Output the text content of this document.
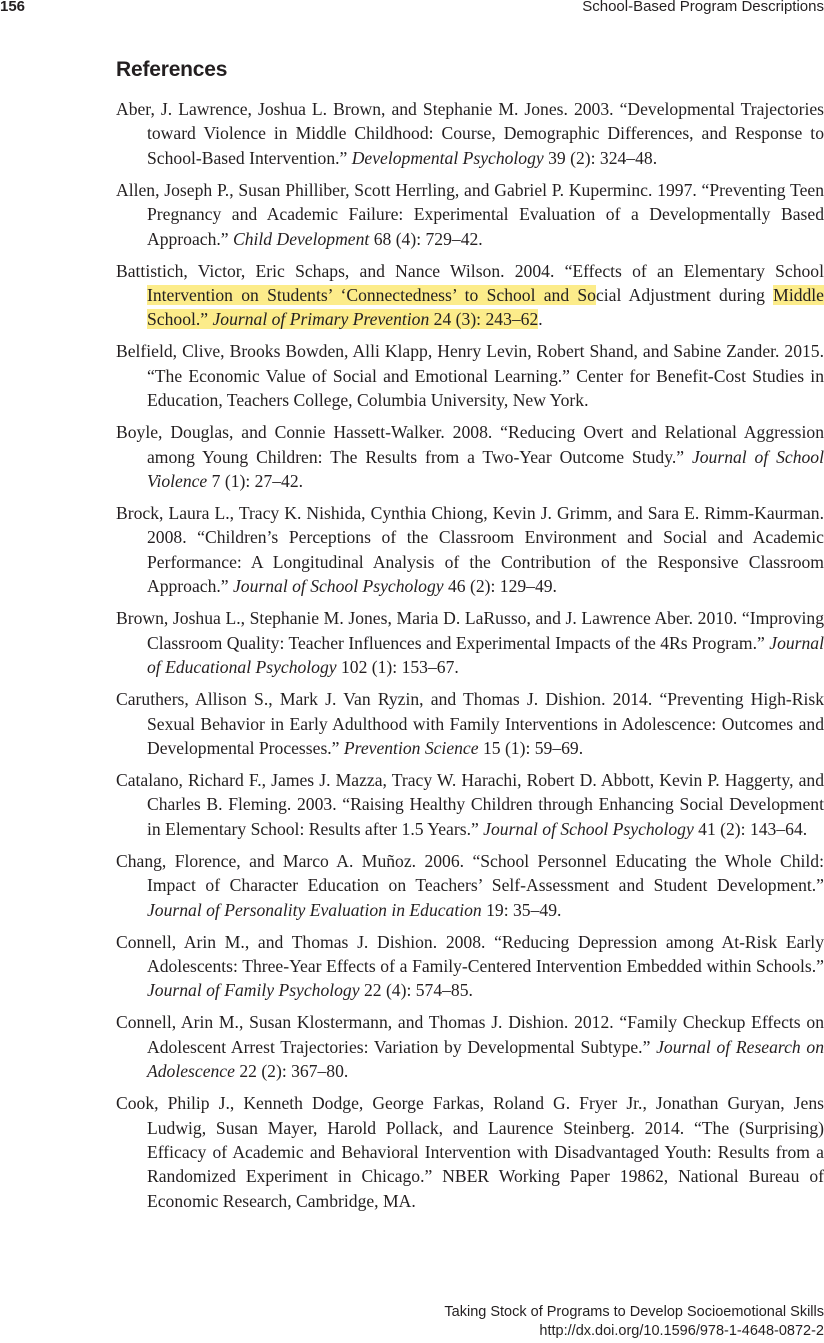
156	School-Based Program Descriptions
References

Aber, J. Lawrence, Joshua L. Brown, and Stephanie M. Jones. 2003. “Developmental Trajectories toward Violence in Middle Childhood: Course, Demographic Differences, and Response to School-Based Intervention.” Developmental Psychology 39 (2): 324–48.

Allen, Joseph P., Susan Philliber, Scott Herrling, and Gabriel P. Kuperminc. 1997. “Preventing Teen Pregnancy and Academic Failure: Experimental Evaluation of a Developmentally Based Approach.” Child Development 68 (4): 729–42.

Battistich, Victor, Eric Schaps, and Nance Wilson. 2004. “Effects of an Elementary School Intervention on Students’ ‘Connectedness’ to School and Social Adjustment during Middle School.” Journal of Primary Prevention 24 (3): 243–62.

Belfield, Clive, Brooks Bowden, Alli Klapp, Henry Levin, Robert Shand, and Sabine Zander. 2015. “The Economic Value of Social and Emotional Learning.” Center for Benefit-Cost Studies in Education, Teachers College, Columbia University, New York.

Boyle, Douglas, and Connie Hassett-Walker. 2008. “Reducing Overt and Relational Aggression among Young Children: The Results from a Two-Year Outcome Study.” Journal of School Violence 7 (1): 27–42.

Brock, Laura L., Tracy K. Nishida, Cynthia Chiong, Kevin J. Grimm, and Sara E. Rimm-Kaurman. 2008. “Children’s Perceptions of the Classroom Environment and Social and Academic Performance: A Longitudinal Analysis of the Contribution of the Responsive Classroom Approach.” Journal of School Psychology 46 (2): 129–49.

Brown, Joshua L., Stephanie M. Jones, Maria D. LaRusso, and J. Lawrence Aber. 2010. “Improving Classroom Quality: Teacher Influences and Experimental Impacts of the 4Rs Program.” Journal of Educational Psychology 102 (1): 153–67.

Caruthers, Allison S., Mark J. Van Ryzin, and Thomas J. Dishion. 2014. “Preventing High-Risk Sexual Behavior in Early Adulthood with Family Interventions in Adolescence: Outcomes and Developmental Processes.” Prevention Science 15 (1): 59–69.

Catalano, Richard F., James J. Mazza, Tracy W. Harachi, Robert D. Abbott, Kevin P. Haggerty, and Charles B. Fleming. 2003. “Raising Healthy Children through Enhancing Social Development in Elementary School: Results after 1.5 Years.” Journal of School Psychology 41 (2): 143–64.

Chang, Florence, and Marco A. Muñoz. 2006. “School Personnel Educating the Whole Child: Impact of Character Education on Teachers’ Self-Assessment and Student Development.” Journal of Personality Evaluation in Education 19: 35–49.

Connell, Arin M., and Thomas J. Dishion. 2008. “Reducing Depression among At-Risk Early Adolescents: Three-Year Effects of a Family-Centered Intervention Embedded within Schools.” Journal of Family Psychology 22 (4): 574–85.

Connell, Arin M., Susan Klostermann, and Thomas J. Dishion. 2012. “Family Checkup Effects on Adolescent Arrest Trajectories: Variation by Developmental Subtype.” Journal of Research on Adolescence 22 (2): 367–80.

Cook, Philip J., Kenneth Dodge, George Farkas, Roland G. Fryer Jr., Jonathan Guryan, Jens Ludwig, Susan Mayer, Harold Pollack, and Laurence Steinberg. 2014. “The (Surprising) Efficacy of Academic and Behavioral Intervention with Disadvantaged Youth: Results from a Randomized Experiment in Chicago.” NBER Working Paper 19862, National Bureau of Economic Research, Cambridge, MA.

Taking Stock of Programs to Develop Socioemotional Skills
http://dx.doi.org/10.1596/978-1-4648-0872-2
